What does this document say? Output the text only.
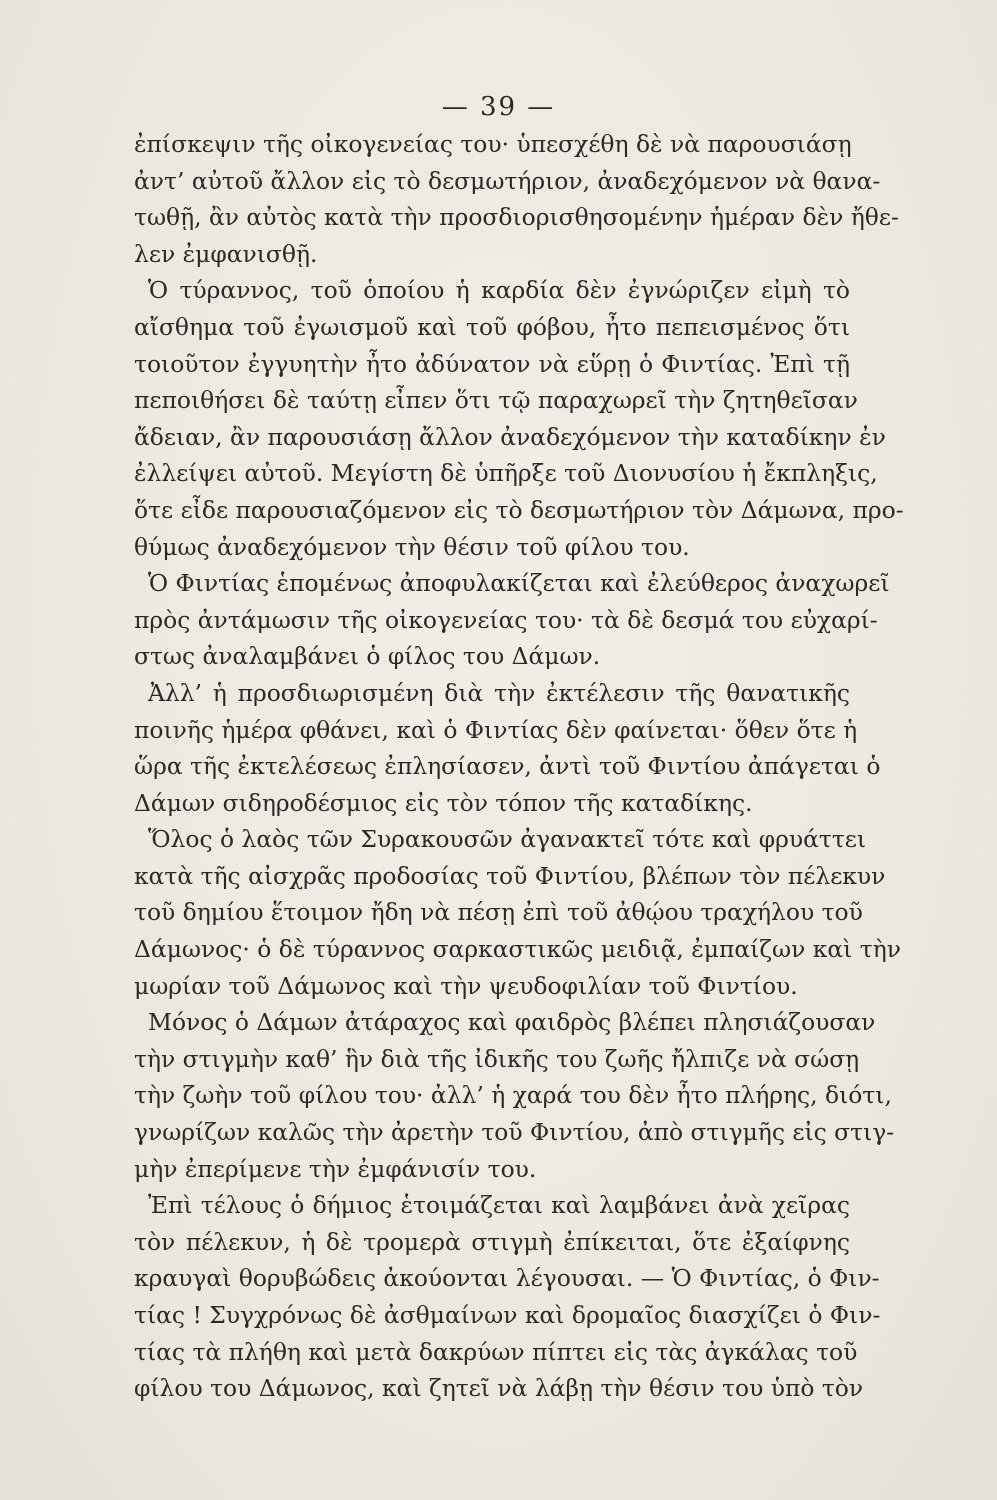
— 39 —
ἐπίσκεψιν τῆς οἰκογενείας του· ὑπεσχέθη δὲ νὰ παρουσιάσῃ
ἀντ’ αὐτοῦ ἄλλον εἰς τὸ δεσμωτήριον, ἀναδεχόμενον νὰ θανα-
τωθῇ, ἂν αὐτὸς κατὰ τὴν προσδιορισθησομένην ἡμέραν δὲν ἤθε-
λεν ἐμφανισθῇ.
Ὁ τύραννος, τοῦ ὁποίου ἡ καρδία δὲν ἐγνώριζεν εἰμὴ τὸ
αἴσθημα τοῦ ἐγωισμοῦ καὶ τοῦ φόβου, ἦτο πεπεισμένος ὅτι
τοιοῦτον ἐγγυητὴν ἦτο ἀδύνατον νὰ εὕρῃ ὁ Φιντίας. Ἐπὶ τῇ
πεποιθήσει δὲ ταύτῃ εἶπεν ὅτι τῷ παραχωρεῖ τὴν ζητηθεῖσαν
ἄδειαν, ἂν παρουσιάσῃ ἄλλον ἀναδεχόμενον τὴν καταδίκην ἐν
ἐλλείψει αὐτοῦ. Μεγίστη δὲ ὑπῆρξε τοῦ Διονυσίου ἡ ἔκπληξις,
ὅτε εἶδε παρουσιαζόμενον εἰς τὸ δεσμωτήριον τὸν Δάμωνα, προ-
θύμως ἀναδεχόμενον τὴν θέσιν τοῦ φίλου του.
Ὁ Φιντίας ἑπομένως ἀποφυλακίζεται καὶ ἐλεύθερος ἀναχωρεῖ
πρὸς ἀντάμωσιν τῆς οἰκογενείας του· τὰ δὲ δεσμά του εὐχαρί-
στως ἀναλαμβάνει ὁ φίλος του Δάμων.
Ἀλλ’ ἡ προσδιωρισμένη διὰ τὴν ἐκτέλεσιν τῆς θανατικῆς
ποινῆς ἡμέρα φθάνει, καὶ ὁ Φιντίας δὲν φαίνεται· ὅθεν ὅτε ἡ
ὥρα τῆς ἐκτελέσεως ἐπλησίασεν, ἀντὶ τοῦ Φιντίου ἀπάγεται ὁ
Δάμων σιδηροδέσμιος εἰς τὸν τόπον τῆς καταδίκης.
Ὅλος ὁ λαὸς τῶν Συρακουσῶν ἀγανακτεῖ τότε καὶ φρυάττει
κατὰ τῆς αἰσχρᾶς προδοσίας τοῦ Φιντίου, βλέπων τὸν πέλεκυν
τοῦ δημίου ἕτοιμον ἤδη νὰ πέσῃ ἐπὶ τοῦ ἀθῴου τραχήλου τοῦ
Δάμωνος· ὁ δὲ τύραννος σαρκαστικῶς μειδιᾷ, ἐμπαίζων καὶ τὴν
μωρίαν τοῦ Δάμωνος καὶ τὴν ψευδοφιλίαν τοῦ Φιντίου.
Μόνος ὁ Δάμων ἀτάραχος καὶ φαιδρὸς βλέπει πλησιάζουσαν
τὴν στιγμὴν καθ’ ἣν διὰ τῆς ἰδικῆς του ζωῆς ἤλπιζε νὰ σώσῃ
τὴν ζωὴν τοῦ φίλου του· ἀλλ’ ἡ χαρά του δὲν ἦτο πλήρης, διότι,
γνωρίζων καλῶς τὴν ἀρετὴν τοῦ Φιντίου, ἀπὸ στιγμῆς εἰς στιγ-
μὴν ἐπερίμενε τὴν ἐμφάνισίν του.
Ἐπὶ τέλους ὁ δήμιος ἑτοιμάζεται καὶ λαμβάνει ἀνὰ χεῖρας
τὸν πέλεκυν, ἡ δὲ τρομερὰ στιγμὴ ἐπίκειται, ὅτε ἐξαίφνης
κραυγαὶ θορυβώδεις ἀκούονται λέγουσαι. — Ὁ Φιντίας, ὁ Φιν-
τίας ! Συγχρόνως δὲ ἀσθμαίνων καὶ δρομαῖος διασχίζει ὁ Φιν-
τίας τὰ πλήθη καὶ μετὰ δακρύων πίπτει εἰς τὰς ἀγκάλας τοῦ
φίλου του Δάμωνος, καὶ ζητεῖ νὰ λάβῃ τὴν θέσιν του ὑπὸ τὸν
